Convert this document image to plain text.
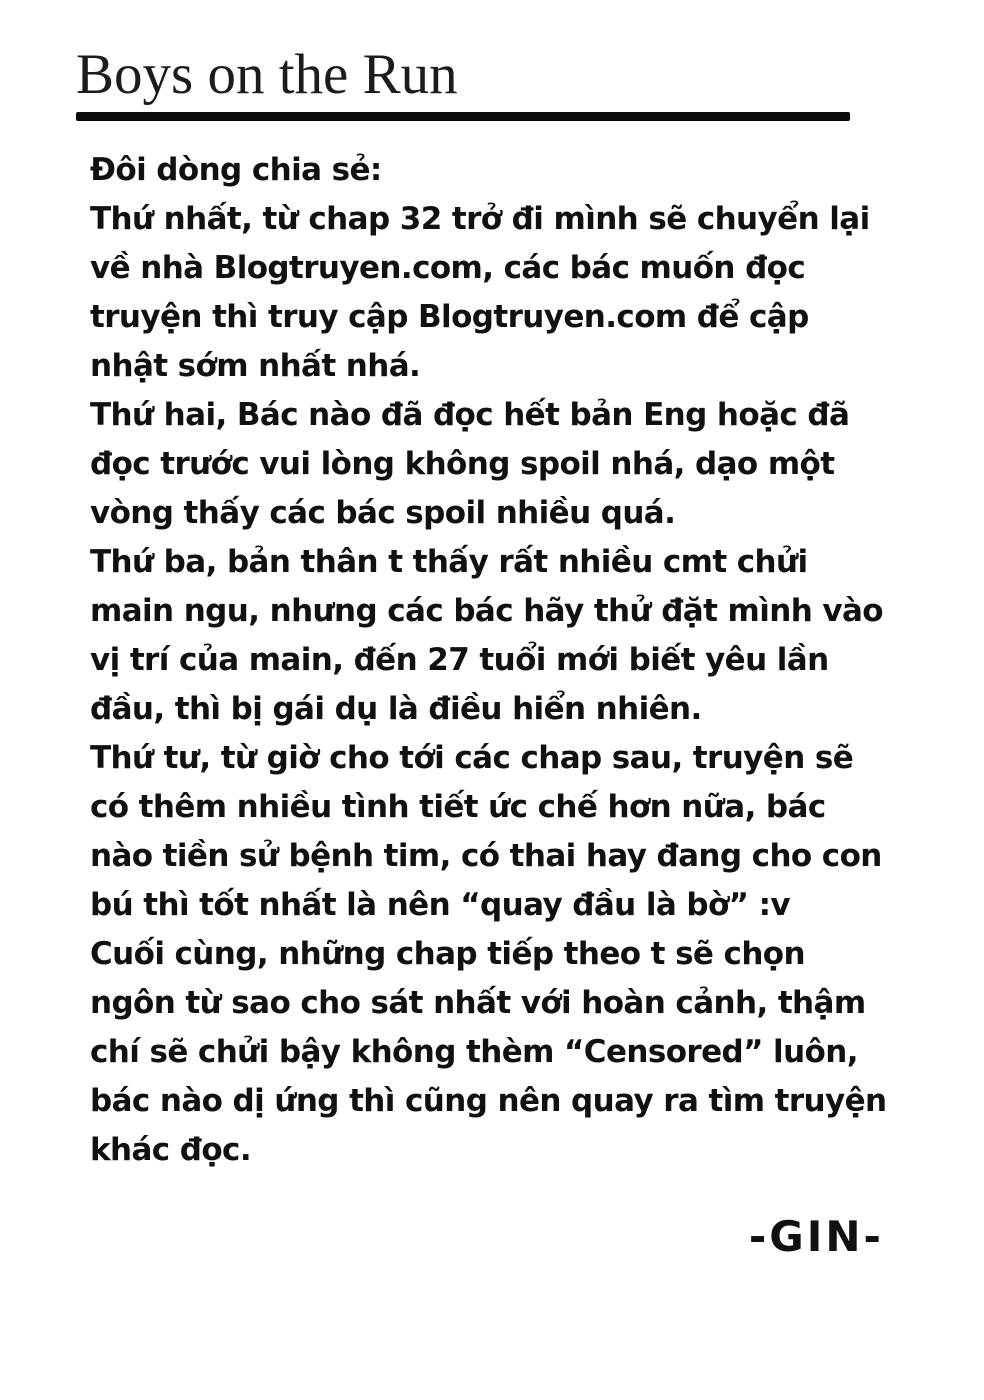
Boys on the Run
Đôi dòng chia sẻ:
Thứ nhất, từ chap 32 trở đi mình sẽ chuyển lại
về nhà Blogtruyen.com, các bác muốn đọc
truyện thì truy cập Blogtruyen.com để cập
nhật sớm nhất nhá.
Thứ hai, Bác nào đã đọc hết bản Eng hoặc đã
đọc trước vui lòng không spoil nhá, dạo một
vòng thấy các bác spoil nhiều quá.
Thứ ba, bản thân t thấy rất nhiều cmt chửi
main ngu, nhưng các bác hãy thử đặt mình vào
vị trí của main, đến 27 tuổi mới biết yêu lần
đầu, thì bị gái dụ là điều hiển nhiên.
Thứ tư, từ giờ cho tới các chap sau, truyện sẽ
có thêm nhiều tình tiết ức chế hơn nữa, bác
nào tiền sử bệnh tim, có thai hay đang cho con
bú thì tốt nhất là nên “quay đầu là bờ” :v
Cuối cùng, những chap tiếp theo t sẽ chọn
ngôn từ sao cho sát nhất với hoàn cảnh, thậm
chí sẽ chửi bậy không thèm “Censored” luôn,
bác nào dị ứng thì cũng nên quay ra tìm truyện
khác đọc.
-GIN-
